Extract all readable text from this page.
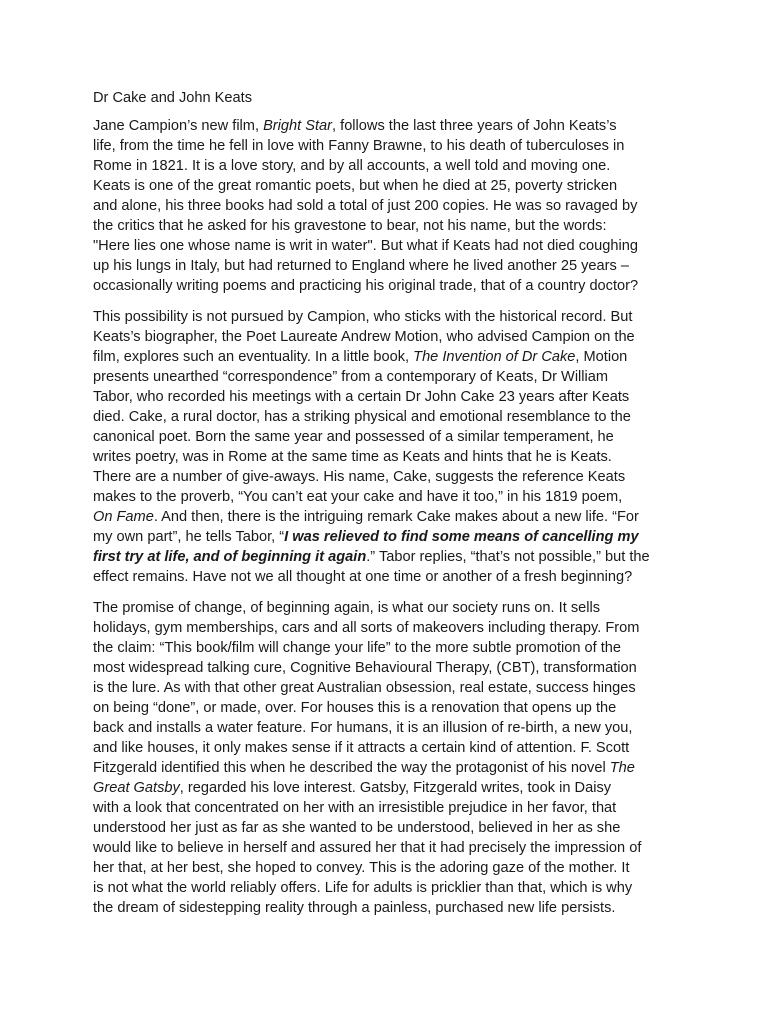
Dr Cake and John Keats

Jane Campion’s new film, Bright Star, follows the last three years of John Keats’s
life, from the time he fell in love with Fanny Brawne, to his death of tuberculoses in
Rome in 1821. It is a love story, and by all accounts, a well told and moving one.
Keats is one of the great romantic poets, but when he died at 25, poverty stricken
and alone, his three books had sold a total of just 200 copies. He was so ravaged by
the critics that he asked for his gravestone to bear, not his name, but the words:
"Here lies one whose name is writ in water". But what if Keats had not died coughing
up his lungs in Italy, but had returned to England where he lived another 25 years –
occasionally writing poems and practicing his original trade, that of a country doctor?

This possibility is not pursued by Campion, who sticks with the historical record. But
Keats’s biographer, the Poet Laureate Andrew Motion, who advised Campion on the
film, explores such an eventuality. In a little book, The Invention of Dr Cake, Motion
presents unearthed “correspondence” from a contemporary of Keats, Dr William
Tabor, who recorded his meetings with a certain Dr John Cake 23 years after Keats
died. Cake, a rural doctor, has a striking physical and emotional resemblance to the
canonical poet. Born the same year and possessed of a similar temperament, he
writes poetry, was in Rome at the same time as Keats and hints that he is Keats.
There are a number of give-aways. His name, Cake, suggests the reference Keats
makes to the proverb, “You can’t eat your cake and have it too,” in his 1819 poem,
On Fame. And then, there is the intriguing remark Cake makes about a new life. “For
my own part”, he tells Tabor, “I was relieved to find some means of cancelling my
first try at life, and of beginning it again.” Tabor replies, “that’s not possible,” but the
effect remains. Have not we all thought at one time or another of a fresh beginning?

The promise of change, of beginning again, is what our society runs on. It sells
holidays, gym memberships, cars and all sorts of makeovers including therapy. From
the claim: “This book/film will change your life” to the more subtle promotion of the
most widespread talking cure, Cognitive Behavioural Therapy, (CBT), transformation
is the lure. As with that other great Australian obsession, real estate, success hinges
on being “done”, or made, over. For houses this is a renovation that opens up the
back and installs a water feature. For humans, it is an illusion of re-birth, a new you,
and like houses, it only makes sense if it attracts a certain kind of attention. F. Scott
Fitzgerald identified this when he described the way the protagonist of his novel The
Great Gatsby, regarded his love interest. Gatsby, Fitzgerald writes, took in Daisy
with a look that concentrated on her with an irresistible prejudice in her favor, that
understood her just as far as she wanted to be understood, believed in her as she
would like to believe in herself and assured her that it had precisely the impression of
her that, at her best, she hoped to convey. This is the adoring gaze of the mother. It
is not what the world reliably offers. Life for adults is pricklier than that, which is why
the dream of sidestepping reality through a painless, purchased new life persists.
